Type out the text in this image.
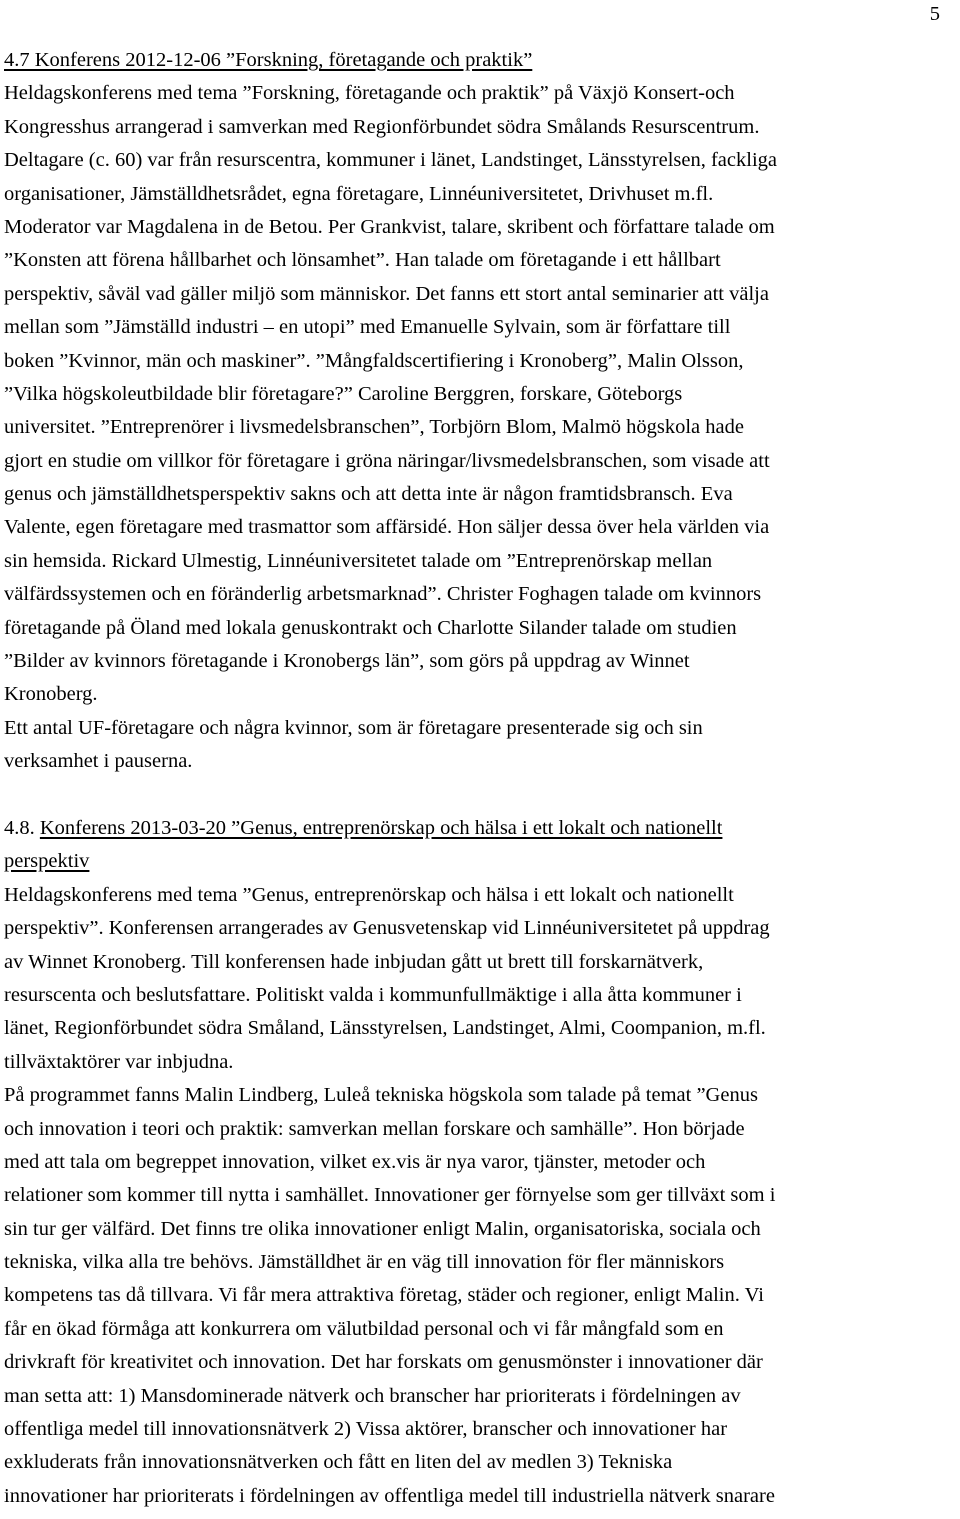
5
4.7 Konferens 2012-12-06 ”Forskning, företagande och praktik”
Heldagskonferens med tema ”Forskning, företagande och praktik” på Växjö Konsert-och
Kongresshus arrangerad i samverkan med Regionförbundet södra Smålands Resurscentrum.
Deltagare (c. 60) var från resurscentra, kommuner i länet, Landstinget, Länsstyrelsen, fackliga
organisationer, Jämställdhetsrådet, egna företagare, Linnéuniversitetet, Drivhuset m.fl.
Moderator var Magdalena in de Betou. Per Grankvist, talare, skribent och författare talade om
”Konsten att förena hållbarhet och lönsamhet”. Han talade om företagande i ett hållbart
perspektiv, såväl vad gäller miljö som människor. Det fanns ett stort antal seminarier att välja
mellan som ”Jämställd industri – en utopi” med Emanuelle Sylvain, som är författare till
boken ”Kvinnor, män och maskiner”. ”Mångfaldscertifiering i Kronoberg”, Malin Olsson,
”Vilka högskoleutbildade blir företagare?” Caroline Berggren, forskare, Göteborgs
universitet. ”Entreprenörer i livsmedelsbranschen”, Torbjörn Blom, Malmö högskola hade
gjort en studie om villkor för företagare i gröna näringar/livsmedelsbranschen, som visade att
genus och jämställdhetsperspektiv sakns och att detta inte är någon framtidsbransch. Eva
Valente, egen företagare med trasmattor som affärsidé. Hon säljer dessa över hela världen via
sin hemsida. Rickard Ulmestig, Linnéuniversitetet talade om ”Entreprenörskap mellan
välfärdssystemen och en föränderlig arbetsmarknad”. Christer Foghagen talade om kvinnors
företagande på Öland med lokala genuskontrakt och Charlotte Silander talade om studien
”Bilder av kvinnors företagande i Kronobergs län”, som görs på uppdrag av Winnet
Kronoberg.
Ett antal UF-företagare och några kvinnor, som är företagare presenterade sig och sin
verksamhet i pauserna.
4.8. Konferens 2013-03-20 ”Genus, entreprenörskap och hälsa i ett lokalt och nationellt
perspektiv
Heldagskonferens med tema ”Genus, entreprenörskap och hälsa i ett lokalt och nationellt
perspektiv”. Konferensen arrangerades av Genusvetenskap vid Linnéuniversitetet på uppdrag
av Winnet Kronoberg. Till konferensen hade inbjudan gått ut brett till forskarnätverk,
resurscenta och beslutsfattare. Politiskt valda i kommunfullmäktige i alla åtta kommuner i
länet, Regionförbundet södra Småland, Länsstyrelsen, Landstinget, Almi, Coompanion, m.fl.
tillväxtaktörer var inbjudna.
På programmet fanns Malin Lindberg, Luleå tekniska högskola som talade på temat ”Genus
och innovation i teori och praktik: samverkan mellan forskare och samhälle”. Hon började
med att tala om begreppet innovation, vilket ex.vis är nya varor, tjänster, metoder och
relationer som kommer till nytta i samhället. Innovationer ger förnyelse som ger tillväxt som i
sin tur ger välfärd. Det finns tre olika innovationer enligt Malin, organisatoriska, sociala och
tekniska, vilka alla tre behövs. Jämställdhet är en väg till innovation för fler människors
kompetens tas då tillvara. Vi får mera attraktiva företag, städer och regioner, enligt Malin. Vi
får en ökad förmåga att konkurrera om välutbildad personal och vi får mångfald som en
drivkraft för kreativitet och innovation. Det har forskats om genusmönster i innovationer där
man setta att: 1) Mansdominerade nätverk och branscher har prioriterats i fördelningen av
offentliga medel till innovationsnätverk 2) Vissa aktörer, branscher och innovationer har
exkluderats från innovationsnätverken och fått en liten del av medlen 3) Tekniska
innovationer har prioriterats i fördelningen av offentliga medel till industriella nätverk snarare
